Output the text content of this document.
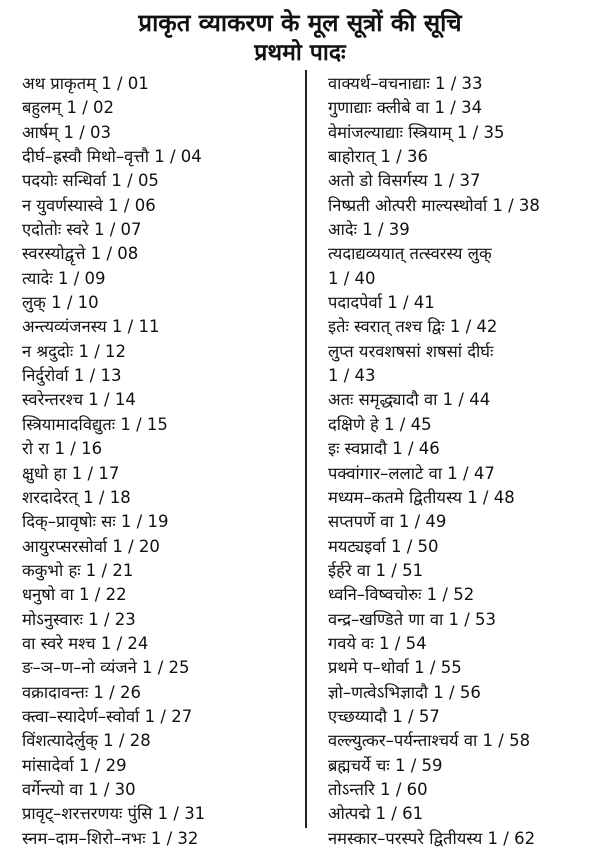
प्राकृत व्याकरण के मूल सूत्रों की सूचि
प्रथमो पादः
अथ प्राकृतम् 1 / 01
बहुलम् 1 / 02
आर्षम् 1 / 03
दीर्घ–ह्रस्वौ मिथो–वृत्तौ 1 / 04
पदयोः सन्धिर्वा 1 / 05
न युवर्णस्यास्वे 1 / 06
एदोतोः स्वरे 1 / 07
स्वरस्योद्वृत्ते 1 / 08
त्यादेः 1 / 09
लुक् 1 / 10
अन्त्यव्यंजनस्य 1 / 11
न श्रदुदोः 1 / 12
निर्दुरोर्वा 1 / 13
स्वरेन्तरश्च 1 / 14
स्त्रियामादविद्युतः 1 / 15
रो रा 1 / 16
क्षुधो हा 1 / 17
शरदादेरत् 1 / 18
दिक्–प्रावृषोः सः 1 / 19
आयुरप्सरसोर्वा 1 / 20
ककुभो हः 1 / 21
धनुषो वा 1 / 22
मोऽनुस्वारः 1 / 23
वा स्वरे मश्च 1 / 24
ङ–ञ–ण–नो व्यंजने 1 / 25
वक्रादावन्तः 1 / 26
क्त्वा–स्यादेर्ण–स्वोर्वा 1 / 27
विंशत्यादेर्लुक् 1 / 28
मांसादेर्वा 1 / 29
वर्गेन्त्यो वा 1 / 30
प्रावृट्–शरत्तरणयः पुंसि 1 / 31
स्नम–दाम–शिरो–नभः 1 / 32
वाक्यर्थ–वचनाद्याः 1 / 33
गुणाद्याः क्लीबे वा 1 / 34
वेमांजल्याद्याः स्त्रियाम् 1 / 35
बाहोरात् 1 / 36
अतो डो विसर्गस्य 1 / 37
निष्प्रती ओत्परी माल्यस्थोर्वा 1 / 38
आदेः 1 / 39
त्यदाद्यव्ययात् तत्स्वरस्य लुक्
1 / 40
पदादपेर्वा 1 / 41
इतेः स्वरात् तश्च द्विः 1 / 42
लुप्त यरवशषसां शषसां दीर्घः
1 / 43
अतः समृद्ध्यादौ वा 1 / 44
दक्षिणे हे 1 / 45
इः स्वप्नादौ 1 / 46
पक्वांगार–ललाटे वा 1 / 47
मध्यम–कतमे द्वितीयस्य 1 / 48
सप्तपर्णे वा 1 / 49
मयट्यइर्वा 1 / 50
ईर्हरे वा 1 / 51
ध्वनि–विष्वचोरुः 1 / 52
वन्द्र–खण्डिते णा वा 1 / 53
गवये वः 1 / 54
प्रथमे प–थोर्वा 1 / 55
ज्ञो–णत्वेऽभिज्ञादौ 1 / 56
एच्छय्यादौ 1 / 57
वल्ल्युत्कर–पर्यन्ताश्चर्य वा 1 / 58
ब्रह्मचर्ये चः 1 / 59
तोऽन्तरि 1 / 60
ओत्पद्मे 1 / 61
नमस्कार–परस्परे द्वितीयस्य 1 / 62
